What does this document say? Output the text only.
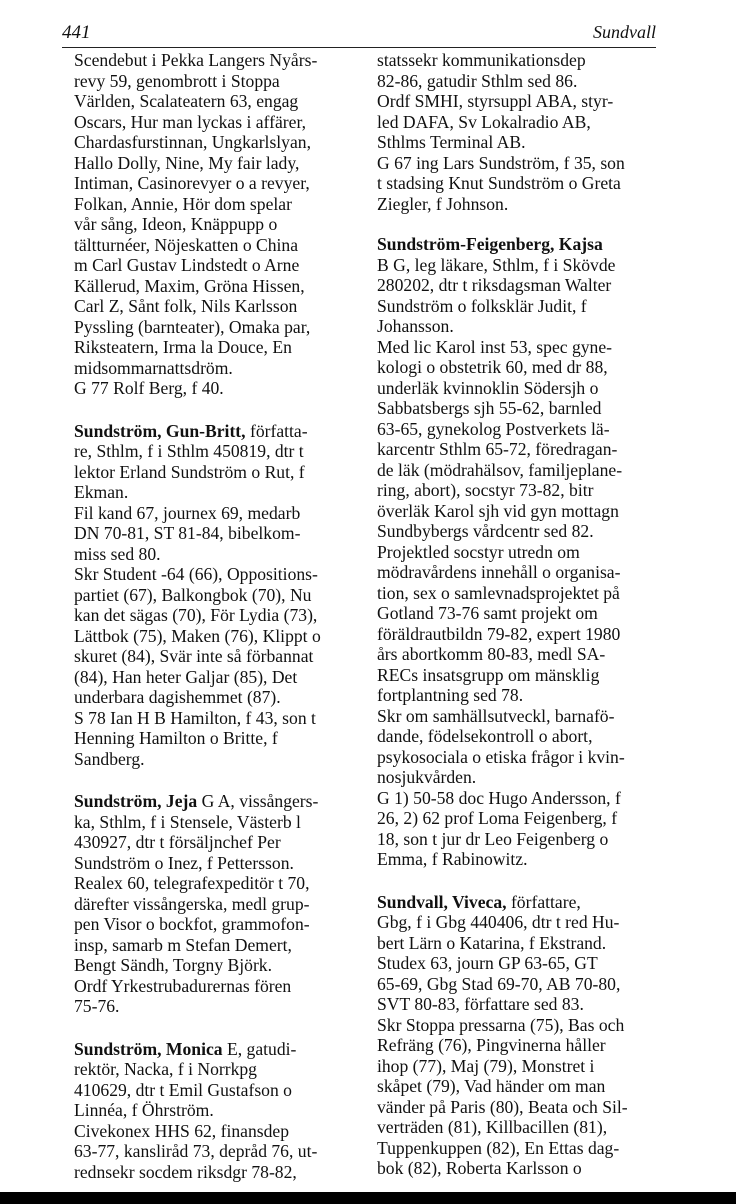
441	Sundvall
Scendebut i Pekka Langers Nyårs-
revy 59, genombrott i Stoppa
Världen, Scalateatern 63, engag
Oscars, Hur man lyckas i affärer,
Chardasfurstinnan, Ungkarlslyan,
Hallo Dolly, Nine, My fair lady,
Intiman, Casinorevyer o a revyer,
Folkan, Annie, Hör dom spelar
vår sång, Ideon, Knäppupp o
tältturnéer, Nöjeskatten o China
m Carl Gustav Lindstedt o Arne
Källerud, Maxim, Gröna Hissen,
Carl Z, Sånt folk, Nils Karlsson
Pyssling (barnteater), Omaka par,
Riksteatern, Irma la Douce, En
midsommarnattsdröm.
G 77 Rolf Berg, f 40.
Sundström, Gun-Britt, författa-
re, Sthlm, f i Sthlm 450819, dtr t
lektor Erland Sundström o Rut, f
Ekman.
Fil kand 67, journex 69, medarb
DN 70-81, ST 81-84, bibelkom-
miss sed 80.
Skr Student -64 (66), Oppositions-
partiet (67), Balkongbok (70), Nu
kan det sägas (70), För Lydia (73),
Lättbok (75), Maken (76), Klippt o
skuret (84), Svär inte så förbannat
(84), Han heter Galjar (85), Det
underbara dagishemmet (87).
S 78 Ian H B Hamilton, f 43, son t
Henning Hamilton o Britte, f
Sandberg.
Sundström, Jeja G A, vissångers-
ka, Sthlm, f i Stensele, Västerb l
430927, dtr t försäljnchef Per
Sundström o Inez, f Pettersson.
Realex 60, telegrafexpeditör t 70,
därefter vissångerska, medl grup-
pen Visor o bockfot, grammofon-
insp, samarb m Stefan Demert,
Bengt Sändh, Torgny Björk.
Ordf Yrkestrubadurernas fören
75-76.
Sundström, Monica E, gatudi-
rektör, Nacka, f i Norrkpg
410629, dtr t Emil Gustafson o
Linnéa, f Öhrström.
Civekonex HHS 62, finansdep
63-77, kansliråd 73, depråd 76, ut-
rednsekr socdem riksdgr 78-82,
statssekr kommunikationsdep
82-86, gatudir Sthlm sed 86.
Ordf SMHI, styrsuppl ABA, styr-
led DAFA, Sv Lokalradio AB,
Sthlms Terminal AB.
G 67 ing Lars Sundström, f 35, son
t stadsing Knut Sundström o Greta
Ziegler, f Johnson.
Sundström-Feigenberg, Kajsa
B G, leg läkare, Sthlm, f i Skövde
280202, dtr t riksdagsman Walter
Sundström o folksklär Judit, f
Johansson.
Med lic Karol inst 53, spec gyne-
kologi o obstetrik 60, med dr 88,
underläk kvinnoklin Södersjh o
Sabbatsbergs sjh 55-62, barnled
63-65, gynekolog Postverkets lä-
karcentr Sthlm 65-72, föredragan-
de läk (mödrahälsov, familjeplane-
ring, abort), socstyr 73-82, bitr
överläk Karol sjh vid gyn mottagn
Sundbybergs vårdcentr sed 82.
Projektled socstyr utredn om
mödravårdens innehåll o organisa-
tion, sex o samlevnadsprojektet på
Gotland 73-76 samt projekt om
föräldrautbildn 79-82, expert 1980
års abortkomm 80-83, medl SA-
RECs insatsgrupp om mänsklig
fortplantning sed 78.
Skr om samhällsutveckl, barnafö-
dande, födelsekontroll o abort,
psykosociala o etiska frågor i kvin-
nosjukvården.
G 1) 50-58 doc Hugo Andersson, f
26, 2) 62 prof Loma Feigenberg, f
18, son t jur dr Leo Feigenberg o
Emma, f Rabinowitz.
Sundvall, Viveca, författare,
Gbg, f i Gbg 440406, dtr t red Hu-
bert Lärn o Katarina, f Ekstrand.
Studex 63, journ GP 63-65, GT
65-69, Gbg Stad 69-70, AB 70-80,
SVT 80-83, författare sed 83.
Skr Stoppa pressarna (75), Bas och
Refräng (76), Pingvinerna håller
ihop (77), Maj (79), Monstret i
skåpet (79), Vad händer om man
vänder på Paris (80), Beata och Sil-
verträden (81), Killbacillen (81),
Tuppenkuppen (82), En Ettas dag-
bok (82), Roberta Karlsson o
